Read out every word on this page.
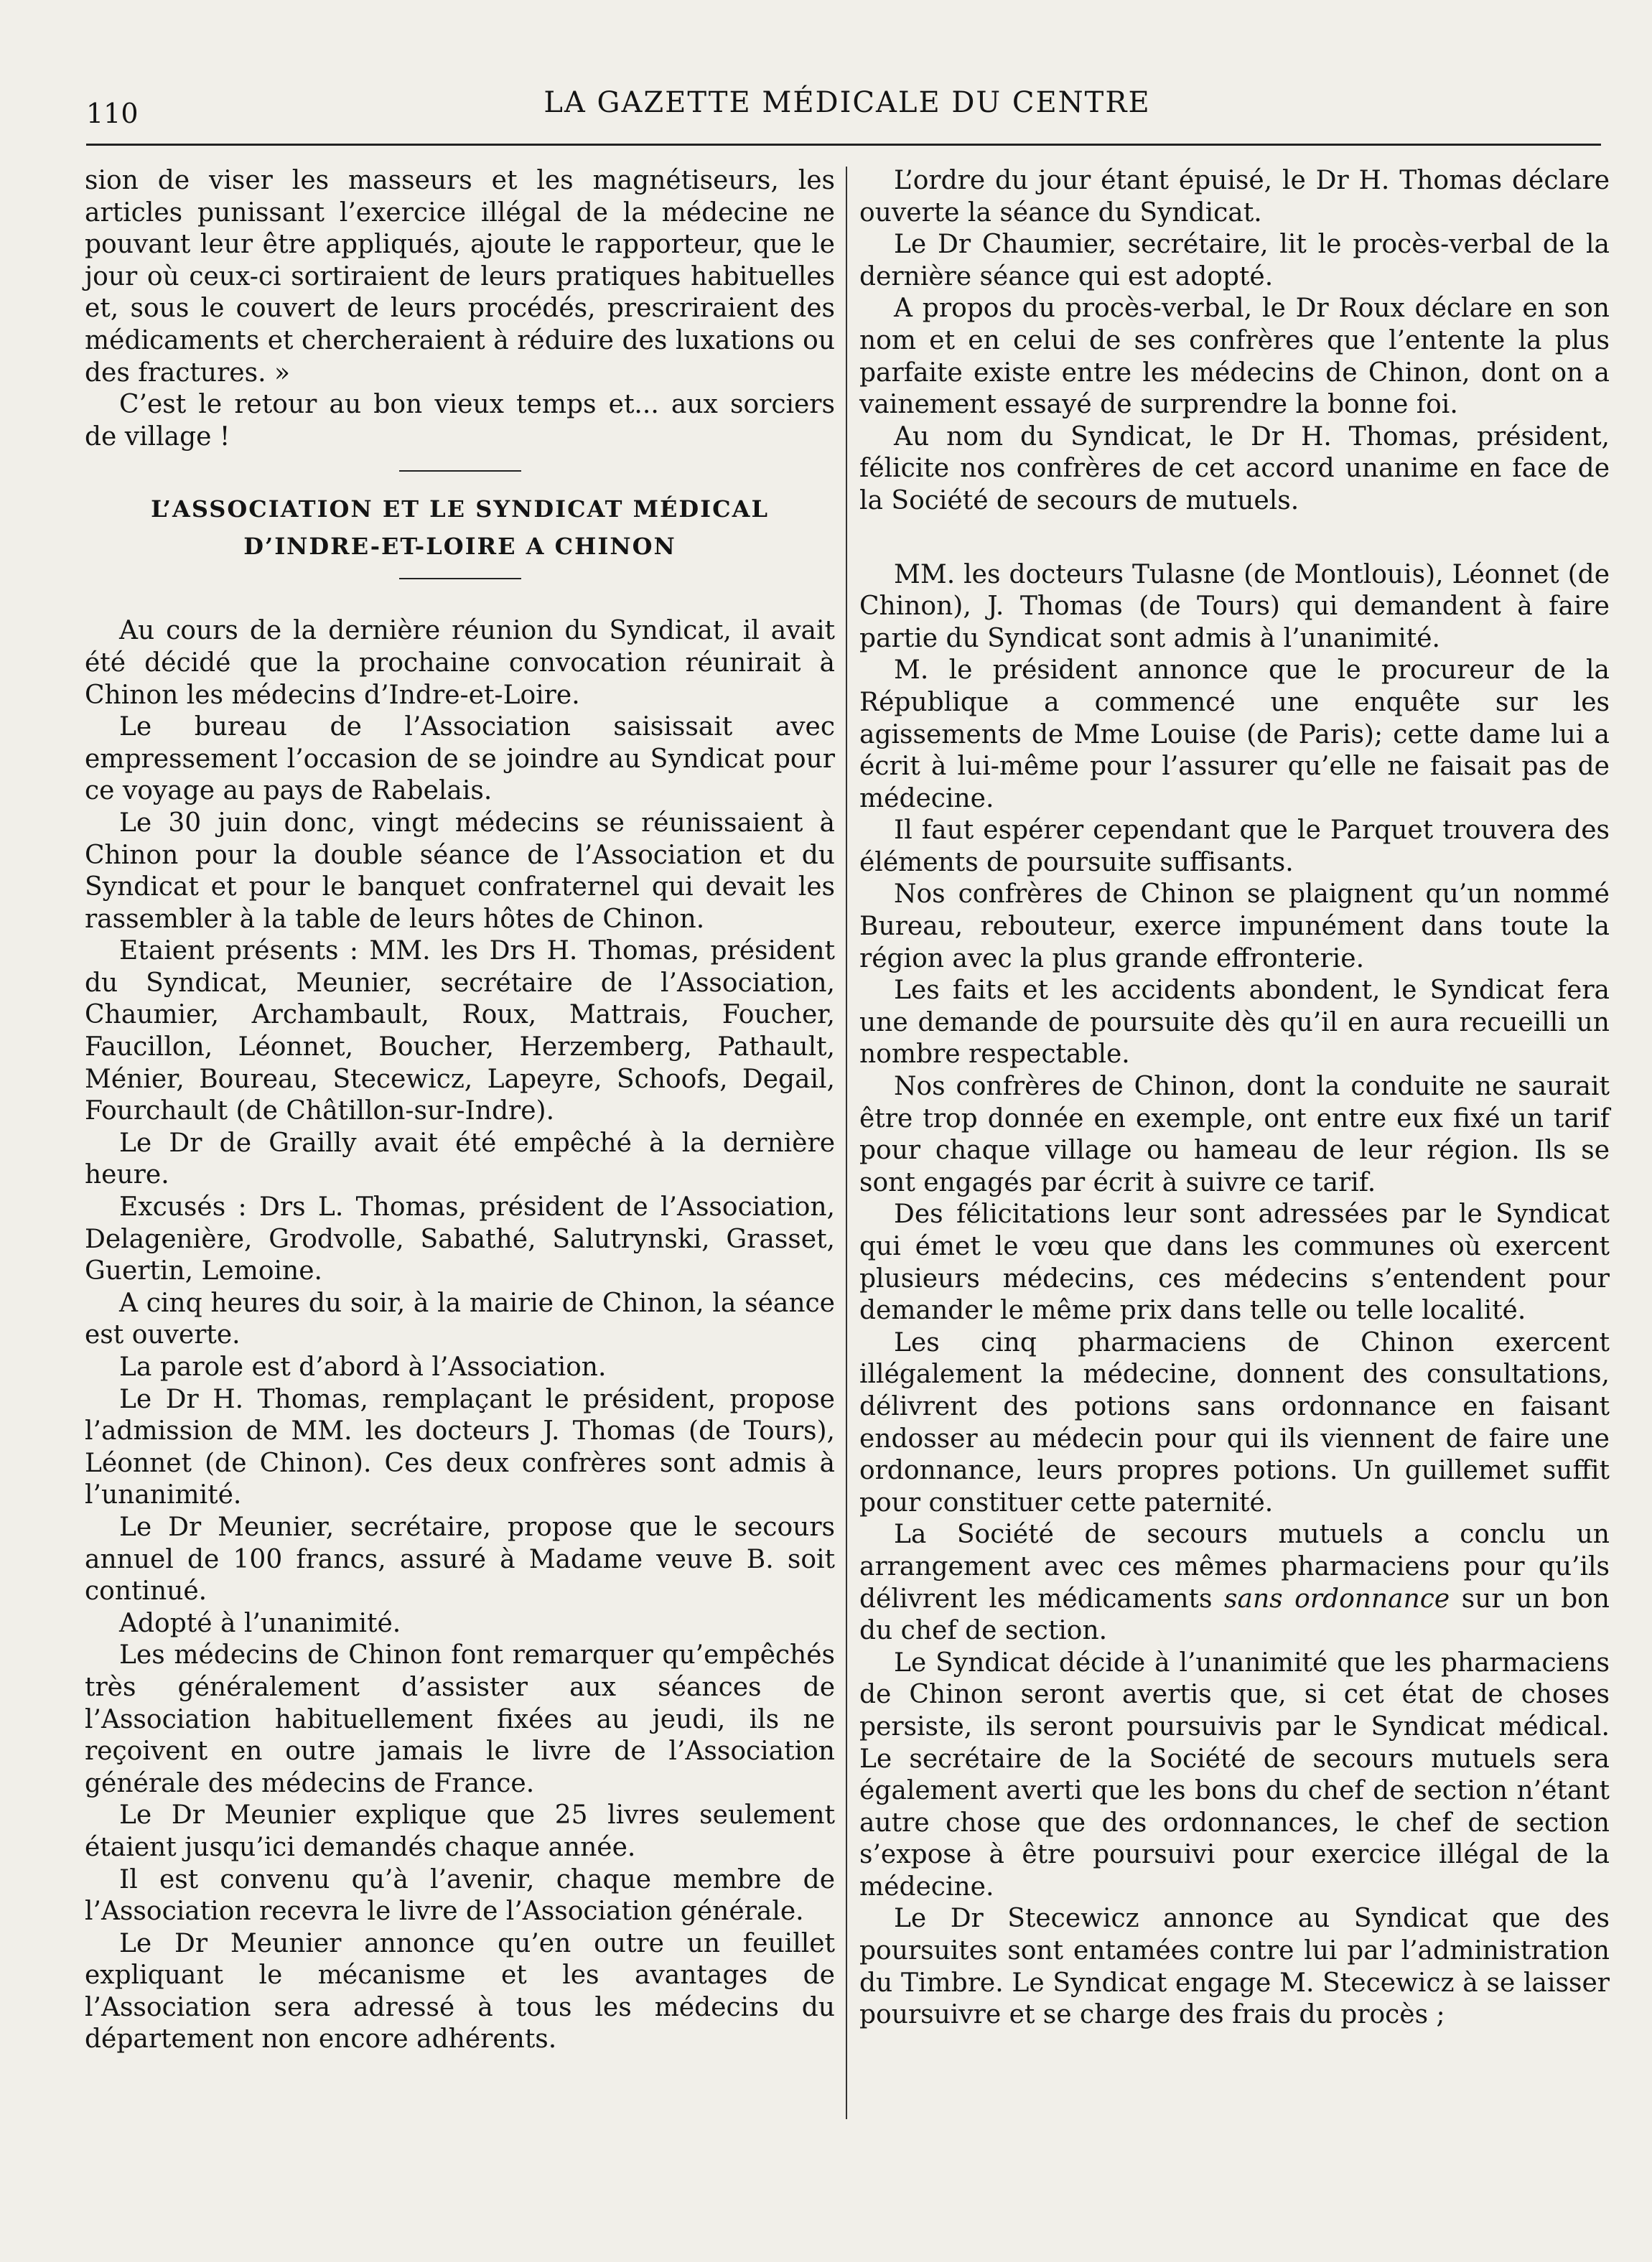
110	LA GAZETTE MÉDICALE DU CENTRE

sion de viser les masseurs et les magnétiseurs, les articles punissant l’exercice illégal de la médecine ne pouvant leur être appliqués, ajoute le rapporteur, que le jour où ceux-ci sortiraient de leurs pratiques habituelles et, sous le couvert de leurs procédés, prescriraient des médicaments et chercheraient à réduire des luxations ou des fractures. »

C’est le retour au bon vieux temps et... aux sorciers de village !

L’ASSOCIATION ET LE SYNDICAT MÉDICAL
D’INDRE-ET-LOIRE A CHINON

Au cours de la dernière réunion du Syndicat, il avait été décidé que la prochaine convocation réunirait à Chinon les médecins d’Indre-et-Loire.

Le bureau de l’Association saisissait avec empressement l’occasion de se joindre au Syndicat pour ce voyage au pays de Rabelais.

Le 30 juin donc, vingt médecins se réunissaient à Chinon pour la double séance de l’Association et du Syndicat et pour le banquet confraternel qui devait les rassembler à la table de leurs hôtes de Chinon.

Etaient présents : MM. les Drs H. Thomas, président du Syndicat, Meunier, secrétaire de l’Association, Chaumier, Archambault, Roux, Mattrais, Foucher, Faucillon, Léonnet, Boucher, Herzemberg, Pathault, Ménier, Boureau, Stecewicz, Lapeyre, Schoofs, Degail, Fourchault (de Châtillon-sur-Indre).

Le Dr de Grailly avait été empêché à la dernière heure.

Excusés : Drs L. Thomas, président de l’Association, Delagenière, Grodvolle, Sabathé, Salutrynski, Grasset, Guertin, Lemoine.

A cinq heures du soir, à la mairie de Chinon, la séance est ouverte.

La parole est d’abord à l’Association.

Le Dr H. Thomas, remplaçant le président, propose l’admission de MM. les docteurs J. Thomas (de Tours), Léonnet (de Chinon). Ces deux confrères sont admis à l’unanimité.

Le Dr Meunier, secrétaire, propose que le secours annuel de 100 francs, assuré à Madame veuve B. soit continué.

Adopté à l’unanimité.

Les médecins de Chinon font remarquer qu’empêchés très généralement d’assister aux séances de l’Association habituellement fixées au jeudi, ils ne reçoivent en outre jamais le livre de l’Association générale des médecins de France.

Le Dr Meunier explique que 25 livres seulement étaient jusqu’ici demandés chaque année.

Il est convenu qu’à l’avenir, chaque membre de l’Association recevra le livre de l’Association générale.

Le Dr Meunier annonce qu’en outre un feuillet expliquant le mécanisme et les avantages de l’Association sera adressé à tous les médecins du département non encore adhérents.

L’ordre du jour étant épuisé, le Dr H. Thomas déclare ouverte la séance du Syndicat.

Le Dr Chaumier, secrétaire, lit le procès-verbal de la dernière séance qui est adopté.

A propos du procès-verbal, le Dr Roux déclare en son nom et en celui de ses confrères que l’entente la plus parfaite existe entre les médecins de Chinon, dont on a vainement essayé de surprendre la bonne foi.

Au nom du Syndicat, le Dr H. Thomas, président, félicite nos confrères de cet accord unanime en face de la Société de secours de mutuels.

MM. les docteurs Tulasne (de Montlouis), Léonnet (de Chinon), J. Thomas (de Tours) qui demandent à faire partie du Syndicat sont admis à l’unanimité.

M. le président annonce que le procureur de la République a commencé une enquête sur les agissements de Mme Louise (de Paris); cette dame lui a écrit à lui-même pour l’assurer qu’elle ne faisait pas de médecine.

Il faut espérer cependant que le Parquet trouvera des éléments de poursuite suffisants.

Nos confrères de Chinon se plaignent qu’un nommé Bureau, rebouteur, exerce impunément dans toute la région avec la plus grande effronterie.

Les faits et les accidents abondent, le Syndicat fera une demande de poursuite dès qu’il en aura recueilli un nombre respectable.

Nos confrères de Chinon, dont la conduite ne saurait être trop donnée en exemple, ont entre eux fixé un tarif pour chaque village ou hameau de leur région. Ils se sont engagés par écrit à suivre ce tarif.

Des félicitations leur sont adressées par le Syndicat qui émet le vœu que dans les communes où exercent plusieurs médecins, ces médecins s’entendent pour demander le même prix dans telle ou telle localité.

Les cinq pharmaciens de Chinon exercent illégalement la médecine, donnent des consultations, délivrent des potions sans ordonnance en faisant endosser au médecin pour qui ils viennent de faire une ordonnance, leurs propres potions. Un guillemet suffit pour constituer cette paternité.

La Société de secours mutuels a conclu un arrangement avec ces mêmes pharmaciens pour qu’ils délivrent les médicaments sans ordonnance sur un bon du chef de section.

Le Syndicat décide à l’unanimité que les pharmaciens de Chinon seront avertis que, si cet état de choses persiste, ils seront poursuivis par le Syndicat médical. Le secrétaire de la Société de secours mutuels sera également averti que les bons du chef de section n’étant autre chose que des ordonnances, le chef de section s’expose à être poursuivi pour exercice illégal de la médecine.

Le Dr Stecewicz annonce au Syndicat que des poursuites sont entamées contre lui par l’administration du Timbre. Le Syndicat engage M. Stecewicz à se laisser poursuivre et se charge des frais du procès ;
